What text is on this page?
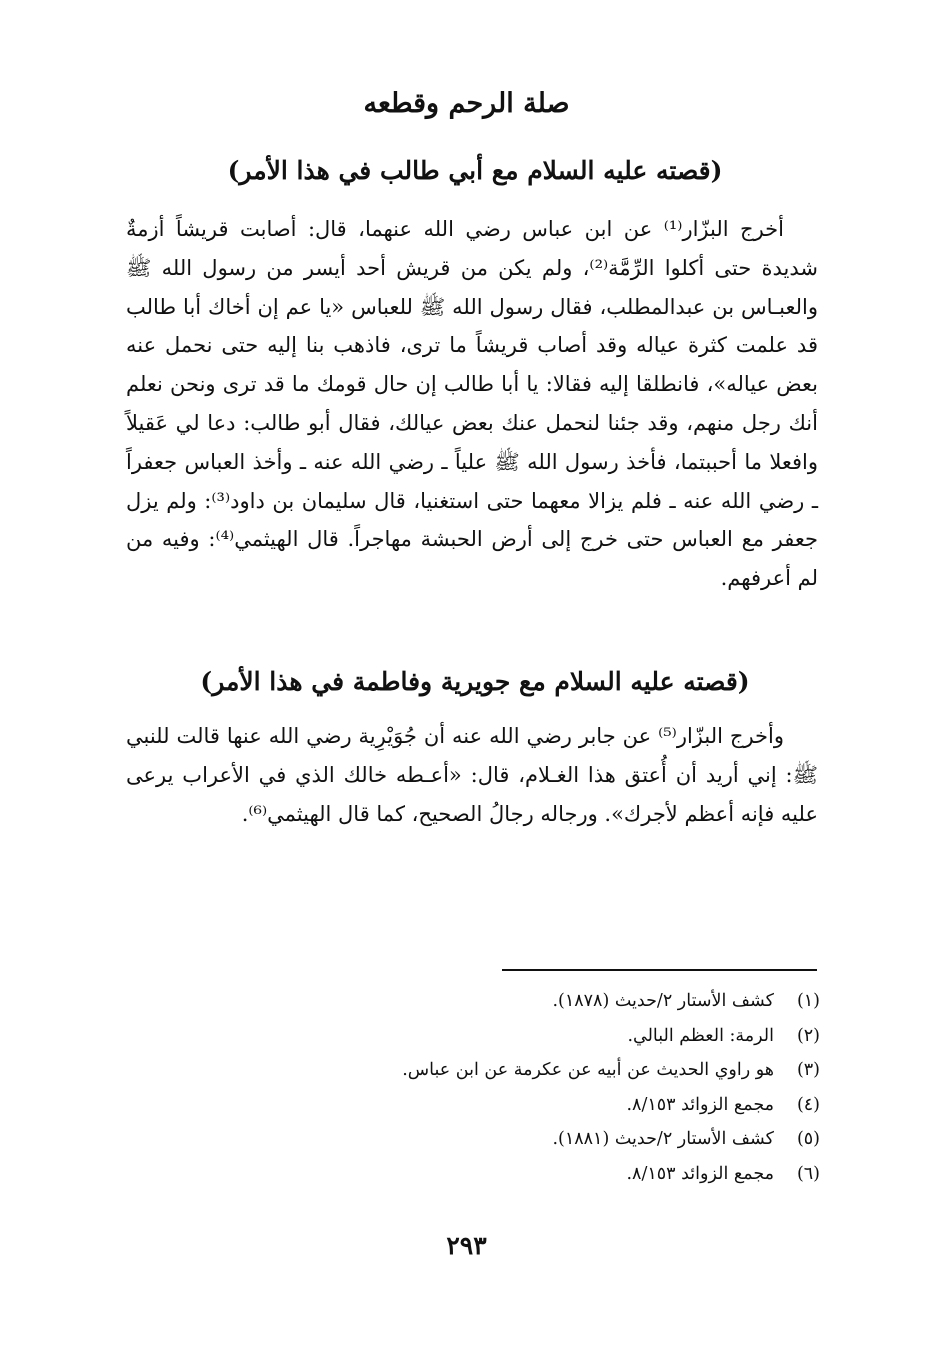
صلة الرحم وقطعه
(قصته عليه السلام مع أبي طالب في هذا الأمر)
أخرج البزّار⁽¹⁾ عن ابن عباس رضي الله عنهما، قال: أصابت قريشاً أزمةٌ شديدة حتى أكلوا الرِّمَّة⁽²⁾، ولم يكن من قريش أحد أيسر من رسول الله ﷺ والعبـاس بن عبدالمطلب، فقال رسول الله ﷺ للعباس «يا عم إن أخاك أبا طالب قد علمت كثرة عياله وقد أصاب قريشاً ما ترى، فاذهب بنا إليه حتى نحمل عنه بعض عياله»، فانطلقا إليه فقالا: يا أبا طالب إن حال قومك ما قد ترى ونحن نعلم أنك رجل منهم، وقد جئنا لنحمل عنك بعض عيالك، فقال أبو طالب: دعا لي عَقيلاً وافعلا ما أحببتما، فأخذ رسول الله ﷺ علياً ـ رضي الله عنه ـ وأخذ العباس جعفراً ـ رضي الله عنه ـ فلم يزالا معهما حتى استغنيا، قال سليمان بن داود⁽³⁾: ولم يزل جعفر مع العباس حتى خرج إلى أرض الحبشة مهاجراً. قال الهيثمي⁽⁴⁾: وفيه من لم أعرفهم.
(قصته عليه السلام مع جويرية وفاطمة في هذا الأمر)
وأخرج البزّار⁽⁵⁾ عن جابر رضي الله عنه أن جُوَيْرِية رضي الله عنها قالت للنبي ﷺ: إني أريد أن أُعتق هذا الغـلام، قال: «أعـطه خالك الذي في الأعراب يرعى عليه فإنه أعظم لأجرك». ورجاله رجالُ الصحيح، كما قال الهيثمي⁽⁶⁾.
(١)
كشف الأستار ٢/حديث (١٨٧٨).
(٢)
الرمة: العظم البالي.
(٣)
هو راوي الحديث عن أبيه عن عكرمة عن ابن عباس.
(٤)
مجمع الزوائد ٨/١٥٣.
(٥)
كشف الأستار ٢/حديث (١٨٨١).
(٦)
مجمع الزوائد ٨/١٥٣.
٢٩٣
